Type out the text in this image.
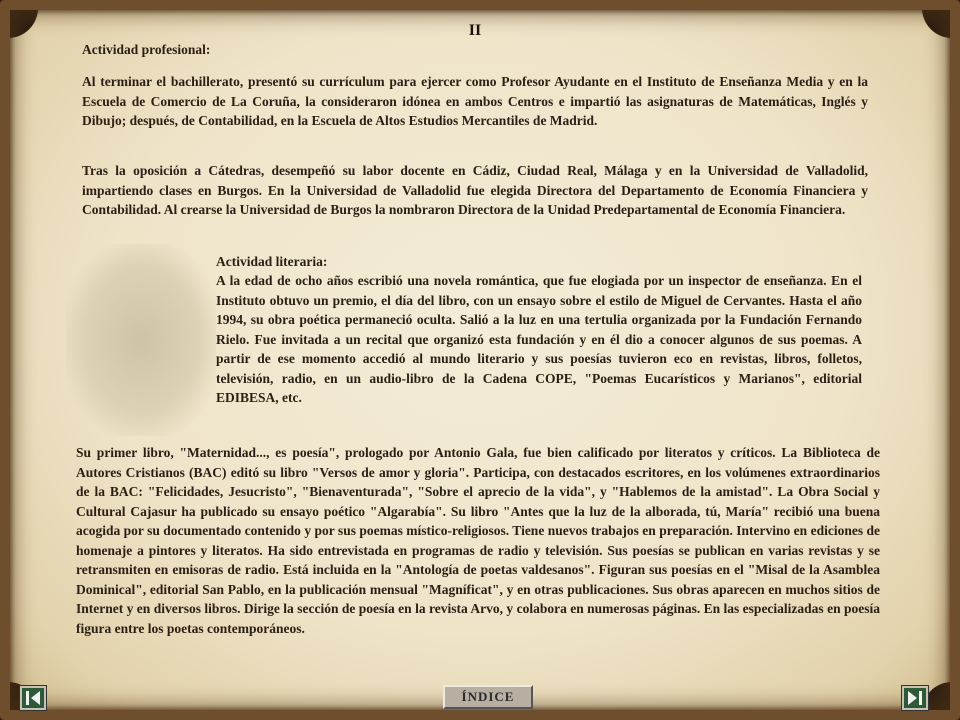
II

Actividad profesional:

Al terminar el bachillerato, presentó su currículum para ejercer como Profesor Ayudante en el Instituto de Enseñanza Media y en la Escuela de Comercio de La Coruña, la consideraron idónea en ambos Centros e impartió las asignaturas de Matemáticas, Inglés y Dibujo; después, de Contabilidad, en la Escuela de Altos Estudios Mercantiles de Madrid.

Tras la oposición a Cátedras, desempeñó su labor docente en Cádiz, Ciudad Real, Málaga y en la Universidad de Valladolid, impartiendo clases en Burgos. En la Universidad de Valladolid fue elegida Directora del Departamento de Economía Financiera y Contabilidad. Al crearse la Universidad de Burgos la nombraron Directora de la Unidad Predepartamental de Economía Financiera.

Actividad literaria:

A la edad de ocho años escribió una novela romántica, que fue elogiada por un inspector de enseñanza. En el Instituto obtuvo un premio, el día del libro, con un ensayo sobre el estilo de Miguel de Cervantes. Hasta el año 1994, su obra poética permaneció oculta. Salió a la luz en una tertulia organizada por la Fundación Fernando Rielo. Fue invitada a un recital que organizó esta fundación y en él dio a conocer algunos de sus poemas. A partir de ese momento accedió al mundo literario y sus poesías tuvieron eco en revistas, libros, folletos, televisión, radio, en un audio-libro de la Cadena COPE, "Poemas Eucarísticos y Marianos", editorial EDIBESA, etc.

Su primer libro, "Maternidad..., es poesía", prologado por Antonio Gala, fue bien calificado por literatos y críticos. La Biblioteca de Autores Cristianos (BAC) editó su libro "Versos de amor y gloria". Participa, con destacados escritores, en los volúmenes extraordinarios de la BAC: "Felicidades, Jesucristo", "Bienaventurada", "Sobre el aprecio de la vida", y "Hablemos de la amistad". La Obra Social y Cultural Cajasur ha publicado su ensayo poético "Algarabía". Su libro "Antes que la luz de la alborada, tú, María" recibió una buena acogida por su documentado contenido y por sus poemas místico-religiosos. Tiene nuevos trabajos en preparación. Intervino en ediciones de homenaje a pintores y literatos. Ha sido entrevistada en programas de radio y televisión. Sus poesías se publican en varias revistas y se retransmiten en emisoras de radio. Está incluida en la "Antología de poetas valdesanos". Figuran sus poesías en el "Misal de la Asamblea Dominical", editorial San Pablo, en la publicación mensual "Magníficat", y en otras publicaciones. Sus obras aparecen en muchos sitios de Internet y en diversos libros. Dirige la sección de poesía en la revista Arvo, y colabora en numerosas páginas. En las especializadas en poesía figura entre los poetas contemporáneos.

ÍNDICE
